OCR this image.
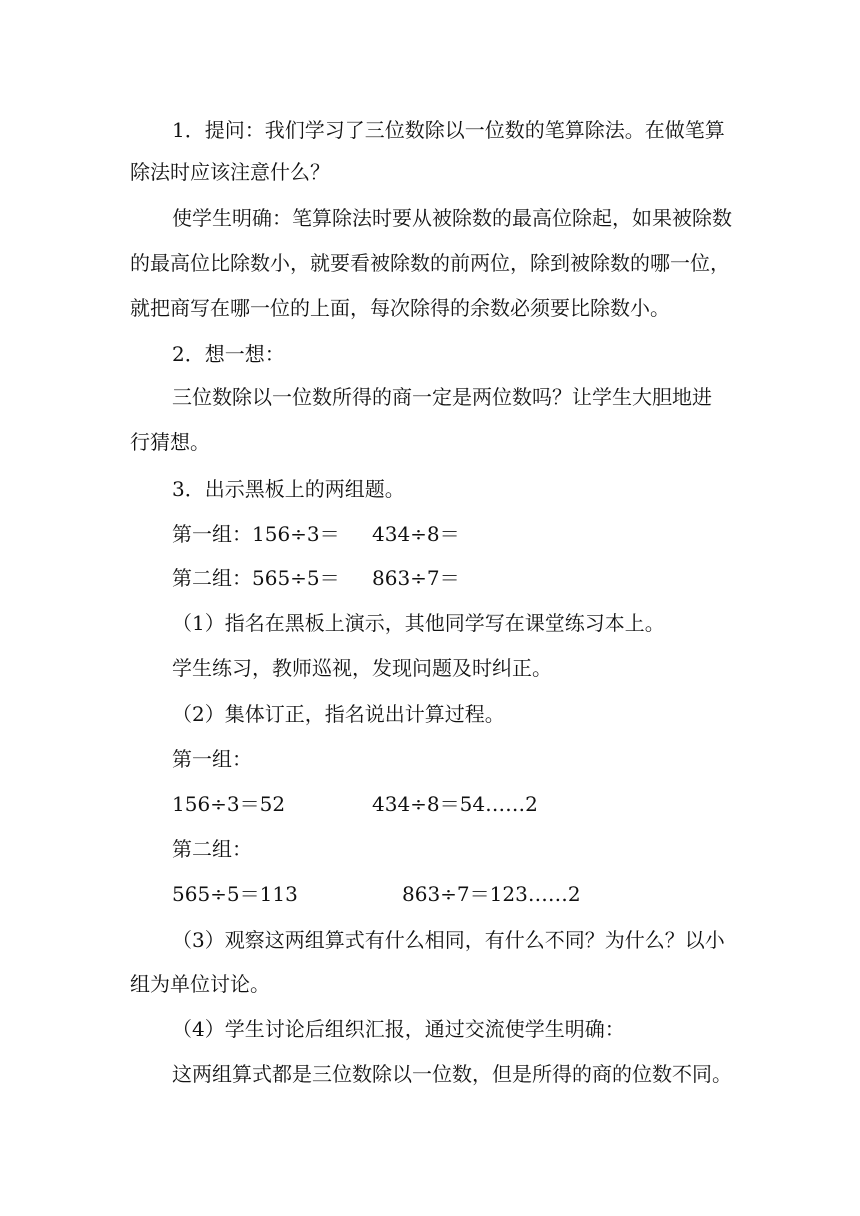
1．提问：我们学习了三位数除以一位数的笔算除法。在做笔算

除法时应该注意什么？

使学生明确：笔算除法时要从被除数的最高位除起，如果被除数

的最高位比除数小，就要看被除数的前两位，除到被除数的哪一位，

就把商写在哪一位的上面，每次除得的余数必须要比除数小。

2．想一想：

三位数除以一位数所得的商一定是两位数吗？让学生大胆地进

行猜想。

3．出示黑板上的两组题。

第一组：156÷3＝ 434÷8＝
第二组：565÷5＝ 863÷7＝

（1）指名在黑板上演示，其他同学写在课堂练习本上。

学生练习，教师巡视，发现问题及时纠正。

（2）集体订正，指名说出计算过程。

第一组：

156÷3＝52	434÷8＝54……2

第二组：

565÷5＝113	863÷7＝123……2

（3）观察这两组算式有什么相同，有什么不同？为什么？以小

组为单位讨论。

（4）学生讨论后组织汇报，通过交流使学生明确：

这两组算式都是三位数除以一位数，但是所得的商的位数不同。
